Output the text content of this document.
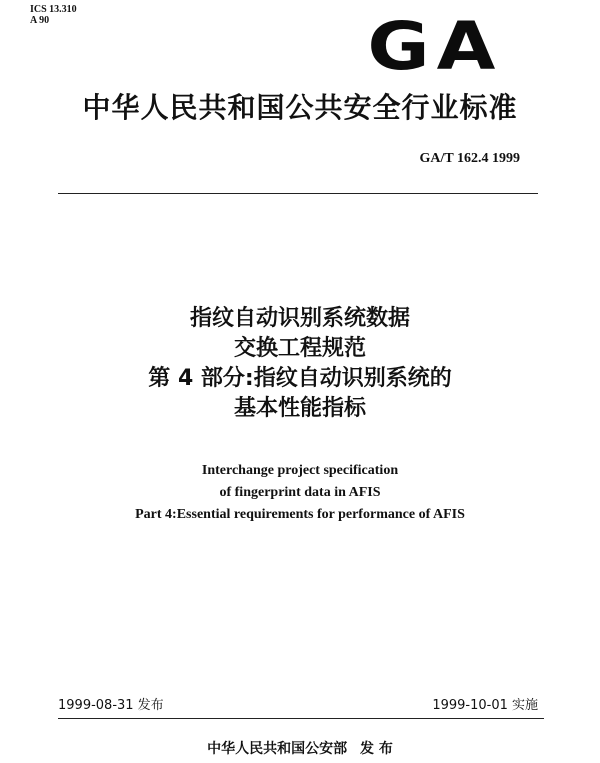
ICS 13.310
A 90	GA
中华人民共和国公共安全行业标准
GA/T 162.4 1999
指纹自动识别系统数据
交换工程规范
第 4 部分:指纹自动识别系统的
基本性能指标
Interchange project specification
of fingerprint data in AFIS
Part 4:Essential requirements for performance of AFIS
1999-08-31 发布	1999-10-01 实施
中华人民共和国公安部 发 布
